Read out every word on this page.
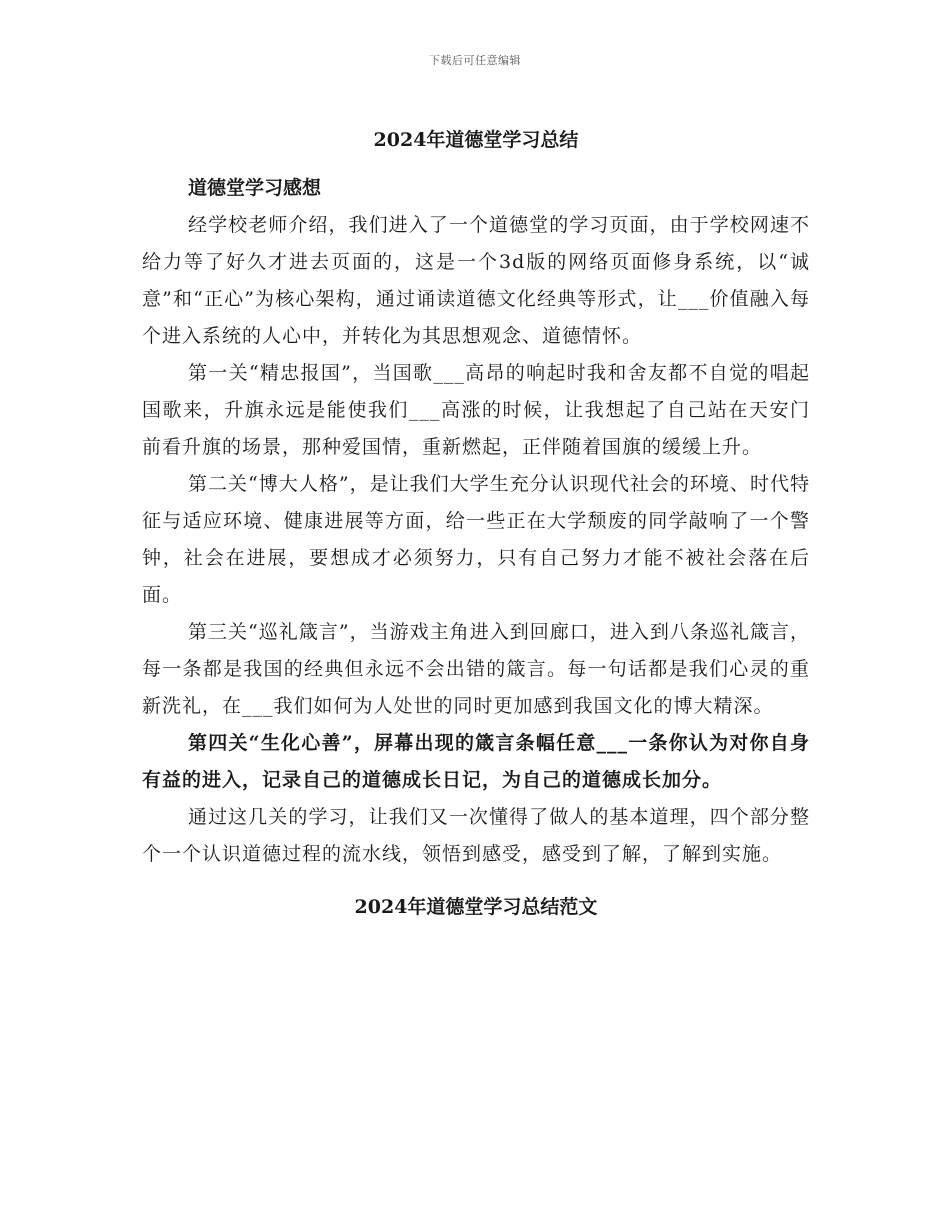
下载后可任意编辑
2024年道德堂学习总结

道德堂学习感想

经学校老师介绍，我们进入了一个道德堂的学习页面，由于学校网速不给力等了好久才进去页面的，这是一个3d版的网络页面修身系统，以“诚意”和“正心”为核心架构，通过诵读道德文化经典等形式，让___价值融入每个进入系统的人心中，并转化为其思想观念、道德情怀。

第一关“精忠报国”，当国歌___高昂的响起时我和舍友都不自觉的唱起国歌来，升旗永远是能使我们___高涨的时候，让我想起了自己站在天安门前看升旗的场景，那种爱国情，重新燃起，正伴随着国旗的缓缓上升。

第二关“博大人格”，是让我们大学生充分认识现代社会的环境、时代特征与适应环境、健康进展等方面，给一些正在大学颓废的同学敲响了一个警钟，社会在进展，要想成才必须努力，只有自己努力才能不被社会落在后面。

第三关“巡礼箴言”，当游戏主角进入到回廊口，进入到八条巡礼箴言，每一条都是我国的经典但永远不会出错的箴言。每一句话都是我们心灵的重新洗礼，在___我们如何为人处世的同时更加感到我国文化的博大精深。

第四关“生化心善”，屏幕出现的箴言条幅任意___一条你认为对你自身有益的进入，记录自己的道德成长日记，为自己的道德成长加分。

通过这几关的学习，让我们又一次懂得了做人的基本道理，四个部分整个一个认识道德过程的流水线，领悟到感受，感受到了解，了解到实施。

2024年道德堂学习总结范文
